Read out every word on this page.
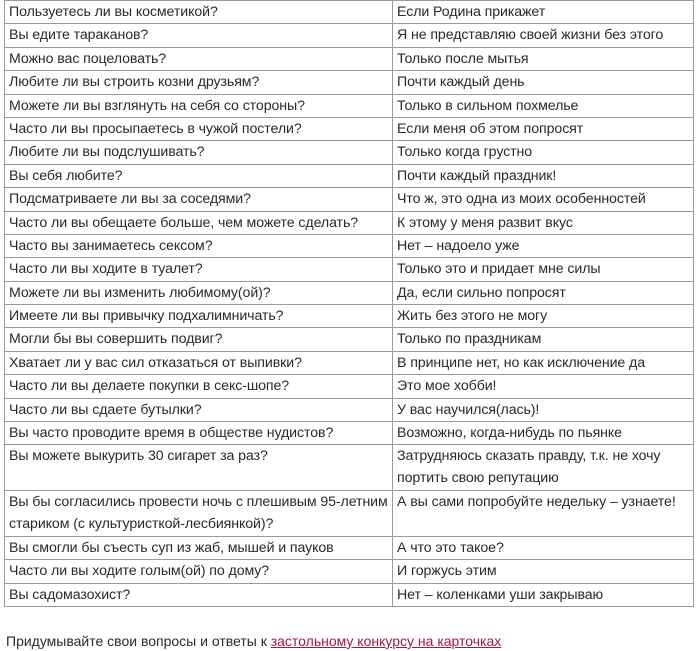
Пользуетесь ли вы косметикой?	Если Родина прикажет
Вы едите тараканов?	Я не представляю своей жизни без этого
Можно вас поцеловать?	Только после мытья
Любите ли вы строить козни друзьям?	Почти каждый день
Можете ли вы взглянуть на себя со стороны?	Только в сильном похмелье
Часто ли вы просыпаетесь в чужой постели?	Если меня об этом попросят
Любите ли вы подслушивать?	Только когда грустно
Вы себя любите?	Почти каждый праздник!
Подсматриваете ли вы за соседями?	Что ж, это одна из моих особенностей
Часто ли вы обещаете больше, чем можете сделать?	К этому у меня развит вкус
Часто вы занимаетесь сексом?	Нет – надоело уже
Часто ли вы ходите в туалет?	Только это и придает мне силы
Можете ли вы изменить любимому(ой)?	Да, если сильно попросят
Имеете ли вы привычку подхалимничать?	Жить без этого не могу
Могли бы вы совершить подвиг?	Только по праздникам
Хватает ли у вас сил отказаться от выпивки?	В принципе нет, но как исключение да
Часто ли вы делаете покупки в секс-шопе?	Это мое хобби!
Часто ли вы сдаете бутылки?	У вас научился(лась)!
Вы часто проводите время в обществе нудистов?	Возможно, когда-нибудь по пьянке
Вы можете выкурить 30 сигарет за раз?	Затрудняюсь сказать правду, т.к. не хочу портить свою репутацию
Вы бы согласились провести ночь с плешивым 95-летним стариком (с культуристкой-лесбиянкой)?	А вы сами попробуйте недельку – узнаете!
Вы смогли бы съесть суп из жаб, мышей и пауков	А что это такое?
Часто ли вы ходите голым(ой) по дому?	И горжусь этим
Вы садомазохист?	Нет – коленками уши закрываю
Придумывайте свои вопросы и ответы к застольному конкурсу на карточках
